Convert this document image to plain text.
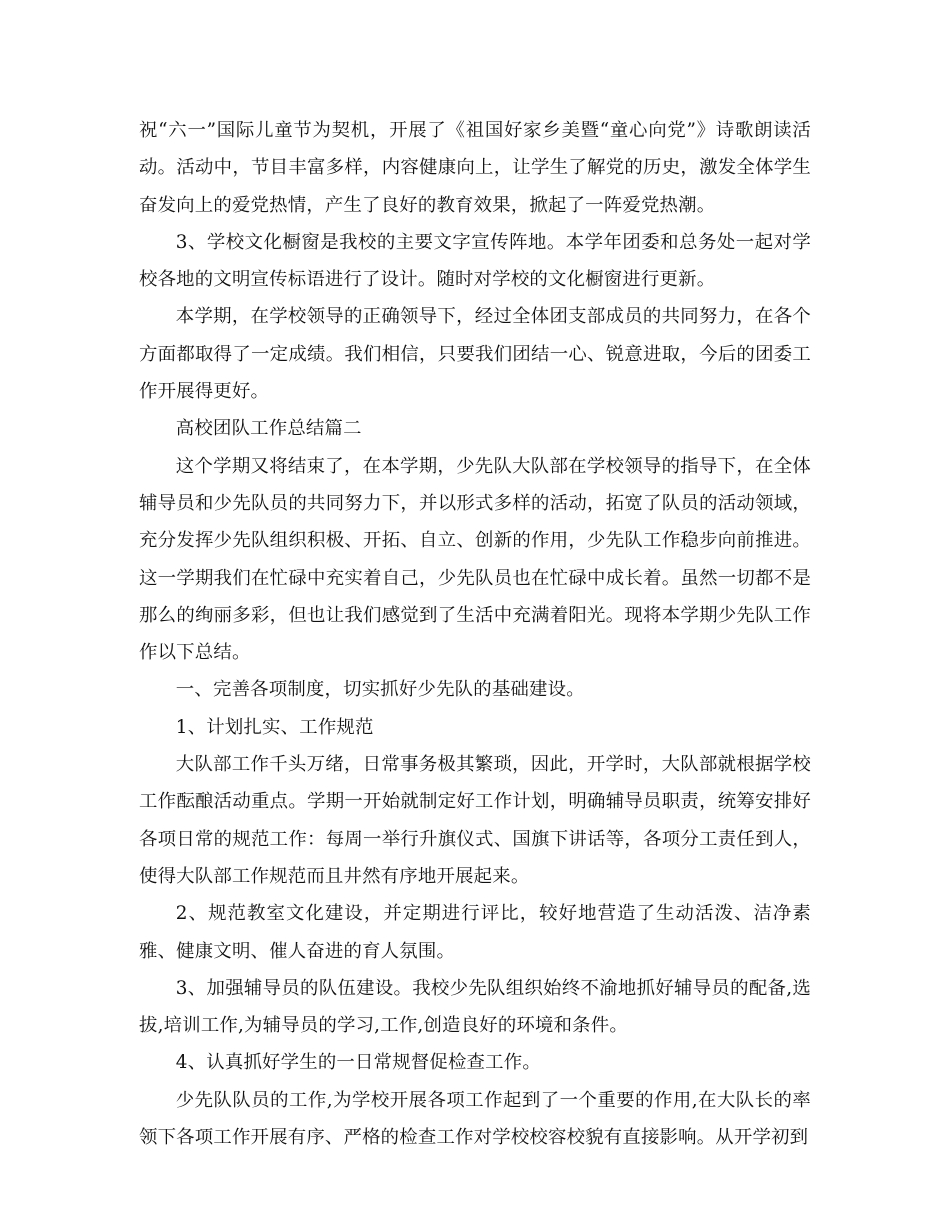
祝“六一”国际儿童节为契机，开展了《祖国好家乡美暨“童心向党”》诗歌朗读活动。活动中，节目丰富多样，内容健康向上，让学生了解党的历史，激发全体学生奋发向上的爱党热情，产生了良好的教育效果，掀起了一阵爱党热潮。

3、学校文化橱窗是我校的主要文字宣传阵地。本学年团委和总务处一起对学校各地的文明宣传标语进行了设计。随时对学校的文化橱窗进行更新。

本学期，在学校领导的正确领导下，经过全体团支部成员的共同努力，在各个方面都取得了一定成绩。我们相信，只要我们团结一心、锐意进取，今后的团委工作开展得更好。

高校团队工作总结篇二

这个学期又将结束了，在本学期，少先队大队部在学校领导的指导下，在全体辅导员和少先队员的共同努力下，并以形式多样的活动，拓宽了队员的活动领域，充分发挥少先队组织积极、开拓、自立、创新的作用，少先队工作稳步向前推进。这一学期我们在忙碌中充实着自己，少先队员也在忙碌中成长着。虽然一切都不是那么的绚丽多彩，但也让我们感觉到了生活中充满着阳光。现将本学期少先队工作作以下总结。

一、完善各项制度，切实抓好少先队的基础建设。

1、计划扎实、工作规范

大队部工作千头万绪，日常事务极其繁琐，因此，开学时，大队部就根据学校工作酝酿活动重点。学期一开始就制定好工作计划，明确辅导员职责，统筹安排好各项日常的规范工作：每周一举行升旗仪式、国旗下讲话等，各项分工责任到人，使得大队部工作规范而且井然有序地开展起来。

2、规范教室文化建设，并定期进行评比，较好地营造了生动活泼、洁净素雅、健康文明、催人奋进的育人氛围。

3、加强辅导员的队伍建设。我校少先队组织始终不渝地抓好辅导员的配备,选拔,培训工作,为辅导员的学习,工作,创造良好的环境和条件。

4、认真抓好学生的一日常规督促检查工作。

少先队队员的工作,为学校开展各项工作起到了一个重要的作用,在大队长的率领下各项工作开展有序、严格的检查工作对学校校容校貌有直接影响。从开学初到
